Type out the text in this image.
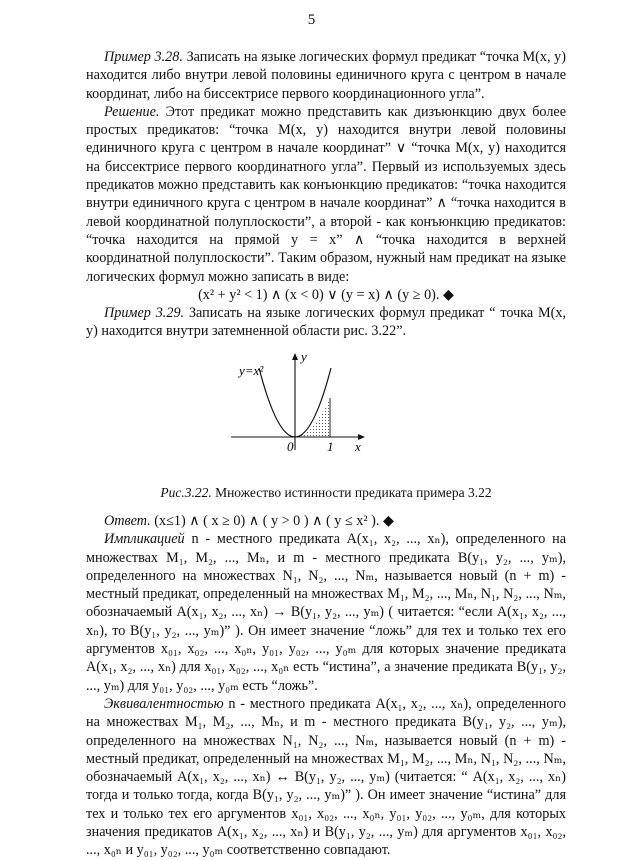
5

Пример 3.28. Записать на языке логических формул предикат “точка M(x, y) находится либо внутри левой половины единичного круга с центром в начале координат, либо на биссектрисе первого координационного угла”.

Решение. Этот предикат можно представить как дизъюнкцию двух более простых предикатов: “точка M(x, y) находится внутри левой половины единичного круга с центром в начале координат” ∨ “точка M(x, y) находится на биссектрисе первого координатного угла”. Первый из используемых здесь предикатов можно представить как конъюнкцию предикатов: “точка находится внутри единичного круга с центром в начале координат” ∧ “точка находится в левой координатной полуплоскости”, а второй - как конъюнкцию предикатов: “точка находится на прямой y = x” ∧ “точка находится в верхней координатной полуплоскости”. Таким образом, нужный нам предикат на языке логических формул можно записать в виде:

(x² + y² < 1) ∧ (x < 0) ∨ (y = x) ∧ (y ≥ 0). ◆

Пример 3.29. Записать на языке логических формул предикат “ точка M(x, y) находится внутри затемненной области рис. 3.22”.

y=x²
y
x
0	1
Рис.3.22. Множество истинности предиката примера 3.22

Ответ. (x≤1) ∧ ( x ≥ 0) ∧ ( y > 0 ) ∧ ( y ≤ x² ). ◆

Импликацией n - местного предиката A(x₁, x₂, ..., xₙ), определенного на множествах M₁, M₂, ..., Mₙ, и m - местного предиката B(y₁, y₂, ..., yₘ), определенного на множествах N₁, N₂, ..., Nₘ, называется новый (n + m) - местный предикат, определенный на множествах M₁, M₂, ..., Mₙ, N₁, N₂, ..., Nₘ, обозначаемый A(x₁, x₂, ..., xₙ) → B(y₁, y₂, ..., yₘ) ( читается: “если A(x₁, x₂, ..., xₙ), то B(y₁, y₂, ..., yₘ)” ). Он имеет значение “ложь” для тех и только тех его аргументов x₀₁, x₀₂, ..., x₀ₙ, y₀₁, y₀₂, ..., y₀ₘ для которых значение предиката A(x₁, x₂, ..., xₙ) для x₀₁, x₀₂, ..., x₀ₙ есть “истина”, а значение предиката B(y₁, y₂, ..., yₘ) для y₀₁, y₀₂, ..., y₀ₘ есть “ложь”.

Эквивалентностью n - местного предиката A(x₁, x₂, ..., xₙ), определенного на множествах M₁, M₂, ..., Mₙ, и m - местного предиката B(y₁, y₂, ..., yₘ), определенного на множествах N₁, N₂, ..., Nₘ, называется новый (n + m) - местный предикат, определенный на множествах M₁, M₂, ..., Mₙ, N₁, N₂, ..., Nₘ, обозначаемый A(x₁, x₂, ..., xₙ) ↔ B(y₁, y₂, ..., yₘ) (читается: “ A(x₁, x₂, ..., xₙ) тогда и только тогда, когда B(y₁, y₂, ..., yₘ)” ). Он имеет значение “истина” для тех и только тех его аргументов x₀₁, x₀₂, ..., x₀ₙ, y₀₁, y₀₂, ..., y₀ₘ, для которых значения предикатов A(x₁, x₂, ..., xₙ) и B(y₁, y₂, ..., yₘ) для аргументов x₀₁, x₀₂, ..., x₀ₙ и y₀₁, y₀₂, ..., y₀ₘ соответственно совпадают.
